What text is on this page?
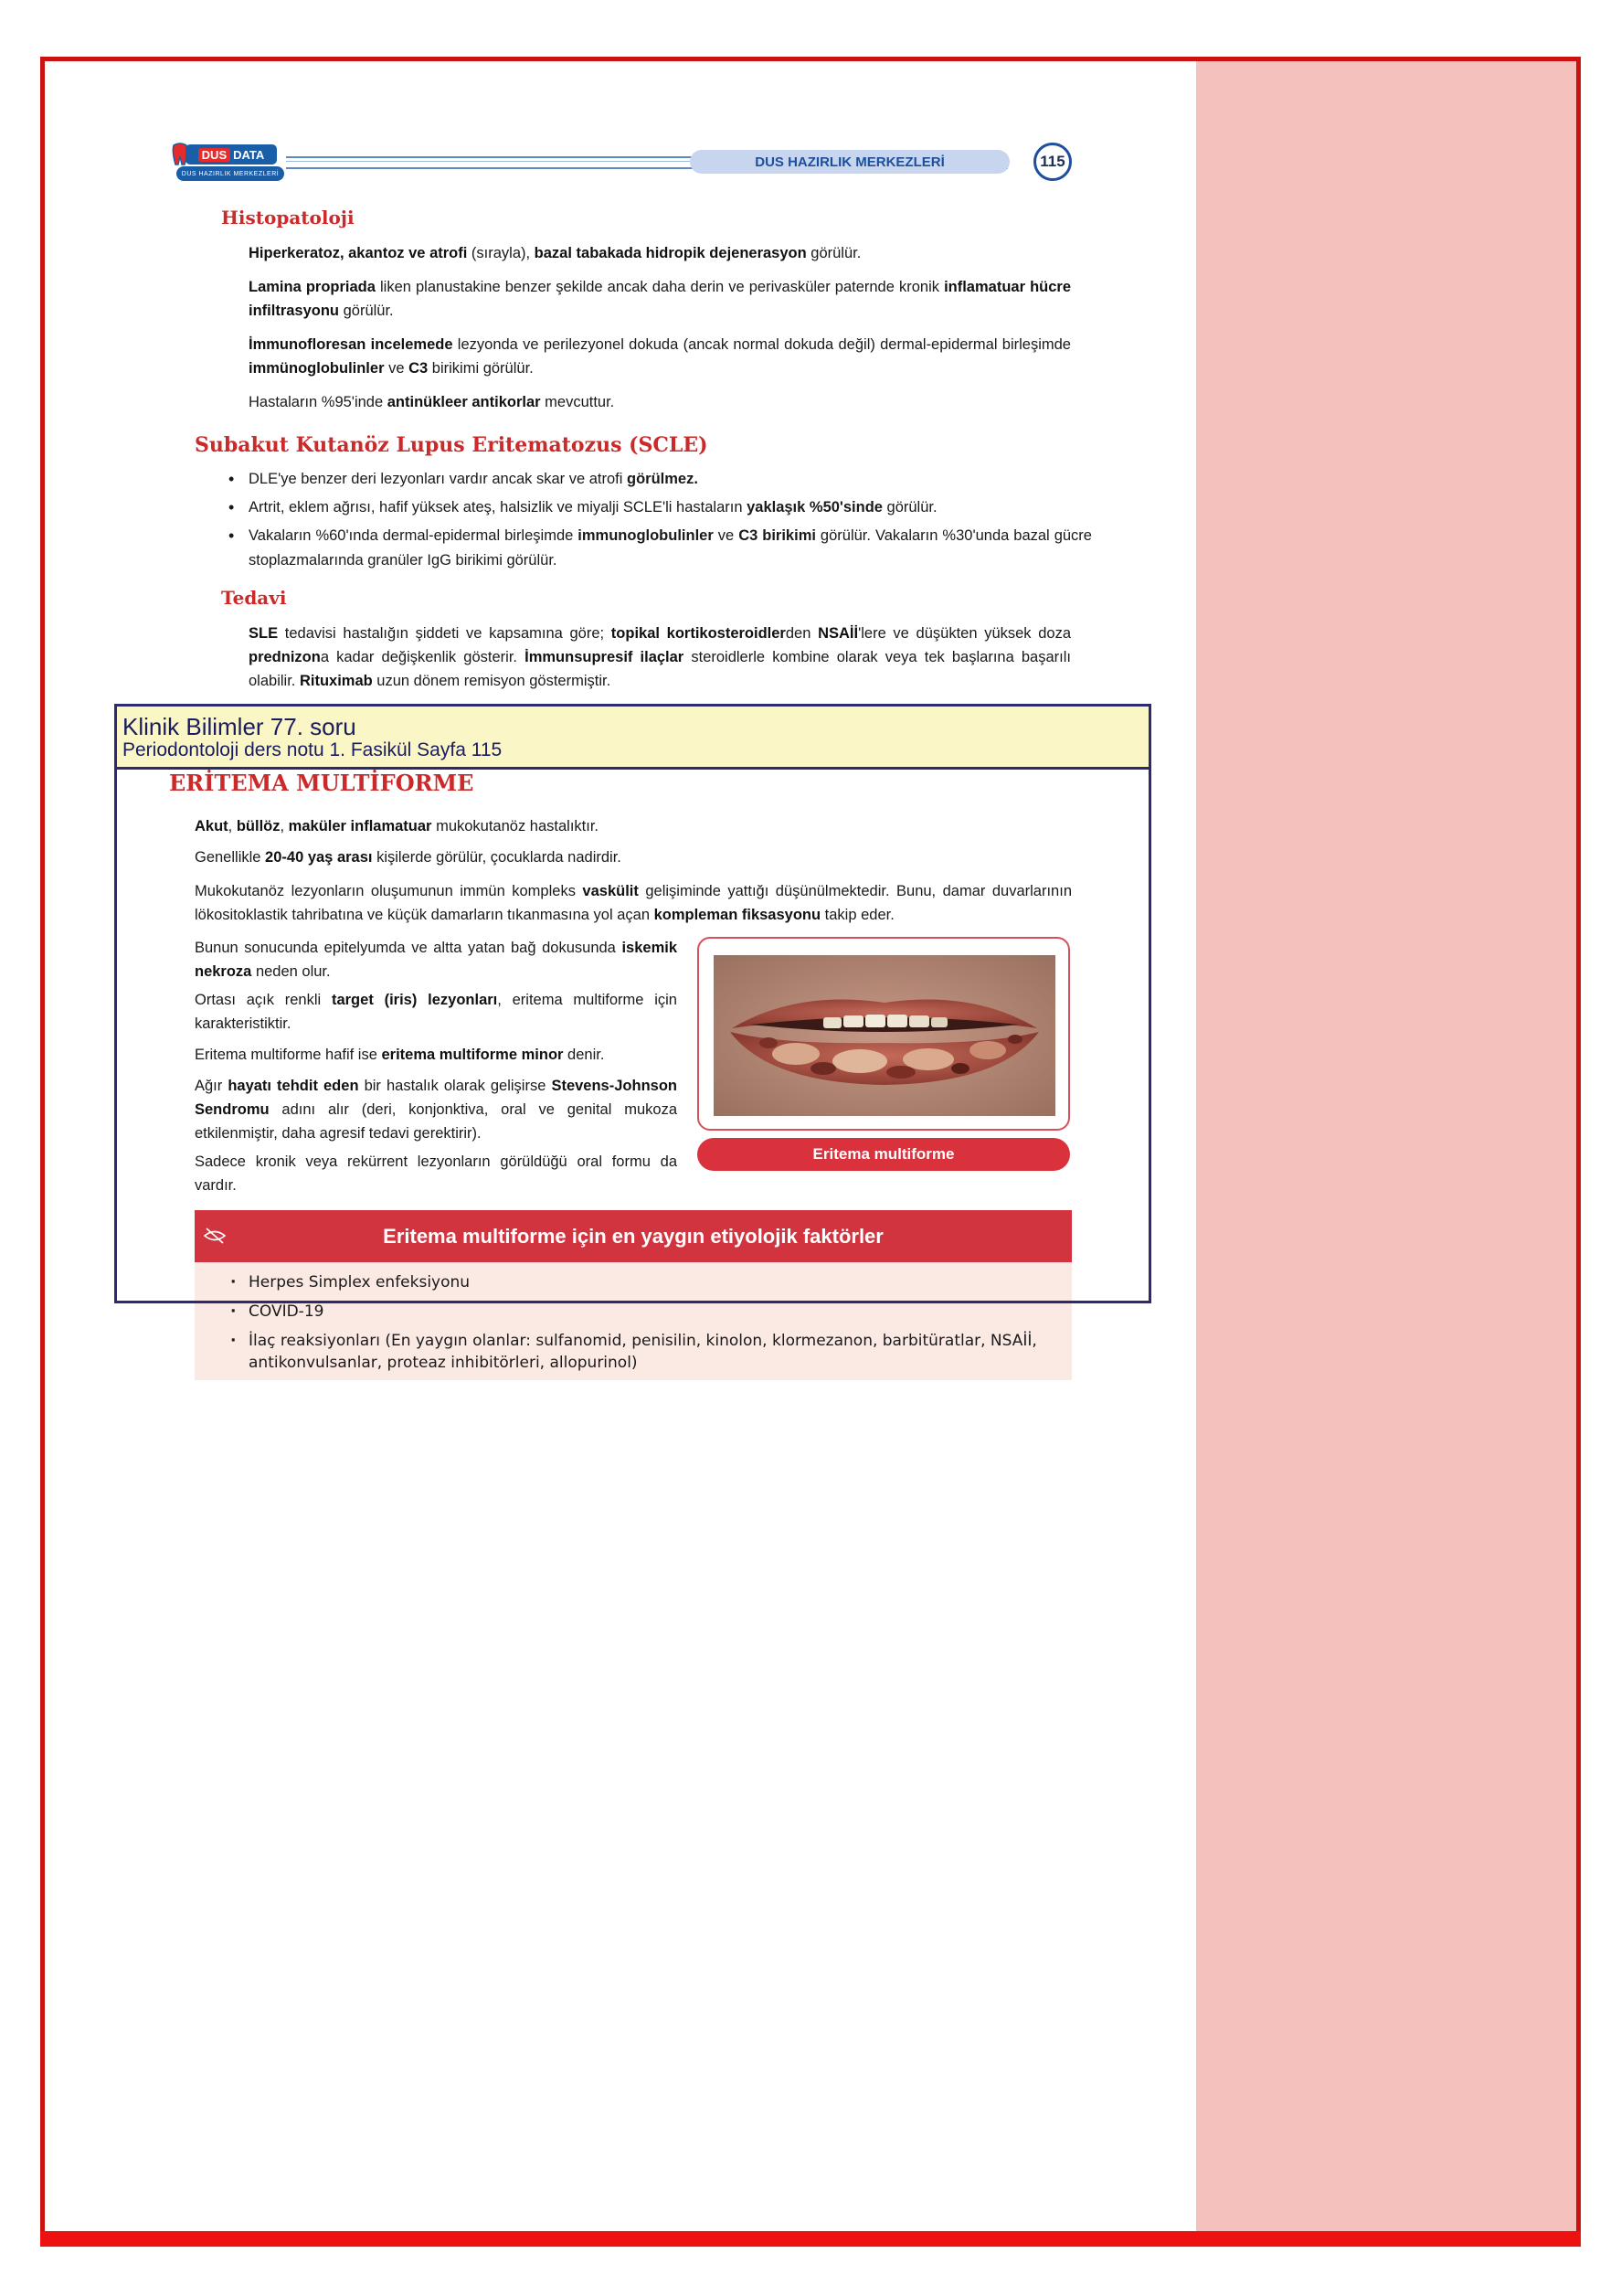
DUS DATA
DUS HAZIRLIK MERKEZLERİ
DUS HAZIRLIK MERKEZLERİ	115
Histopatoloji

Hiperkeratoz, akantoz ve atrofi (sırayla), bazal tabakada hidropik dejenerasyon görülür.

Lamina propriada liken planustakine benzer şekilde ancak daha derin ve perivasküler paternde kronik inflamatuar hücre infiltrasyonu görülür.

İmmunofloresan incelemede lezyonda ve perilezyonel dokuda (ancak normal dokuda değil) dermal-epidermal birleşimde immünoglobulinler ve C3 birikimi görülür.

Hastaların %95'inde antinükleer antikorlar mevcuttur.

Subakut Kutanöz Lupus Eritematozus (SCLE)
• DLE'ye benzer deri lezyonları vardır ancak skar ve atrofi görülmez.
• Artrit, eklem ağrısı, hafif yüksek ateş, halsizlik ve miyalji SCLE'li hastaların yaklaşık %50'sinde görülür.
• Vakaların %60'ında dermal-epidermal birleşimde immunoglobulinler ve C3 birikimi görülür. Vakaların %30'unda bazal gücre stoplazmalarında granüler IgG birikimi görülür.
Tedavi

SLE tedavisi hastalığın şiddeti ve kapsamına göre; topikal kortikosteroidlerden NSAİİ'lere ve düşükten yüksek doza prednizona kadar değişkenlik gösterir. İmmunsupresif ilaçlar steroidlerle kombine olarak veya tek başlarına başarılı olabilir. Rituximab uzun dönem remisyon göstermiştir.

Klinik Bilimler 77. soru
Periodontoloji ders notu 1. Fasikül Sayfa 115
ERİTEMA MULTİFORME

Akut, büllöz, maküler inflamatuar mukokutanöz hastalıktır.

Genellikle 20-40 yaş arası kişilerde görülür, çocuklarda nadirdir.

Mukokutanöz lezyonların oluşumunun immün kompleks vaskülit gelişiminde yattığı düşünülmektedir. Bunu, damar duvarlarının lökositoklastik tahribatına ve küçük damarların tıkanmasına yol açan kompleman fiksasyonu takip eder.

Bunun sonucunda epitelyumda ve altta yatan bağ dokusunda iskemik nekroza neden olur.

Ortası açık renkli target (iris) lezyonları, eritema multiforme için karakteristiktir.

Eritema multiforme hafif ise eritema multiforme minor denir.

Ağır hayatı tehdit eden bir hastalık olarak gelişirse Stevens-Johnson Sendromu adını alır (deri, konjonktiva, oral ve genital mukoza etkilenmiştir, daha agresif tedavi gerektirir).

Sadece kronik veya rekürrent lezyonların görüldüğü oral formu da vardır.

Eritema multiforme
Eritema multiforme için en yaygın etiyolojik faktörler
· Herpes Simplex enfeksiyonu
· COVİD-19
· İlaç reaksiyonları (En yaygın olanlar: sulfanomid, penisilin, kinolon, klormezanon, barbitüratlar, NSAİİ, antikonvulsanlar, proteaz inhibitörleri, allopurinol)
